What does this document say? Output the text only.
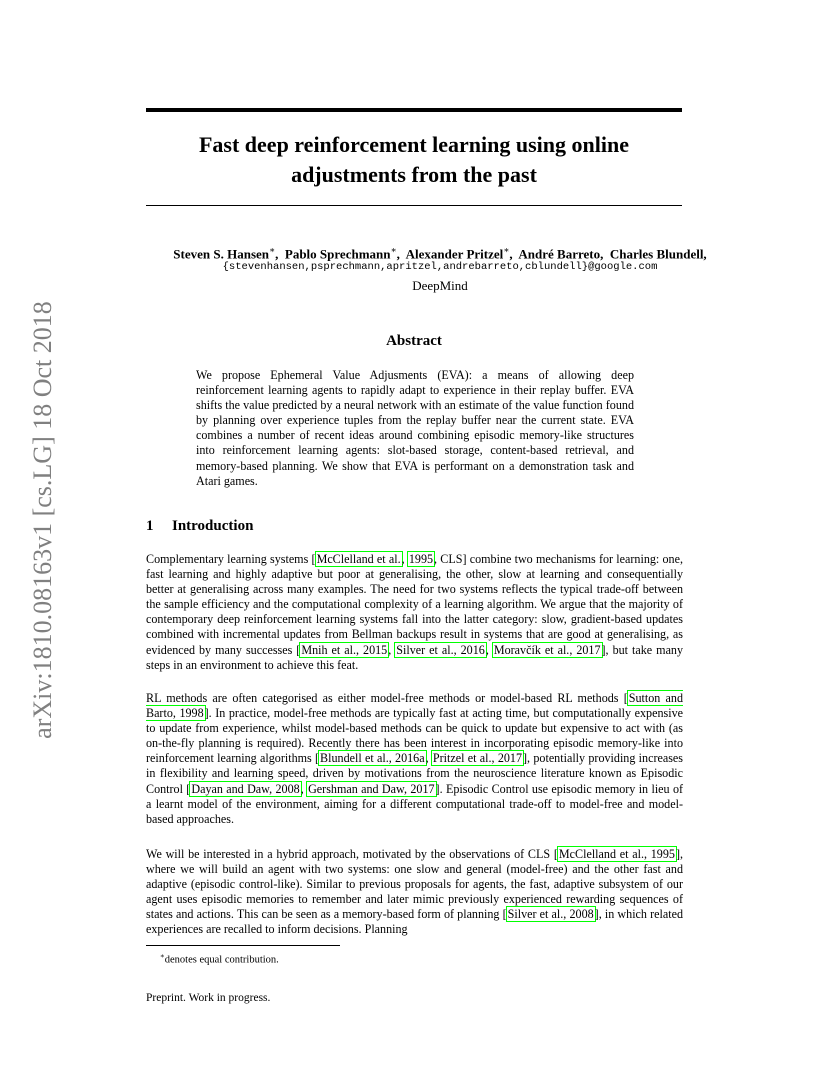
arXiv:1810.08163v1 [cs.LG] 18 Oct 2018
Fast deep reinforcement learning using online
adjustments from the past
Steven S. Hansen∗,  Pablo Sprechmann∗,  Alexander Pritzel∗,  André Barreto, Charles Blundell,
{stevenhansen,psprechmann,apritzel,andrebarreto,cblundell}@google.com
DeepMind
Abstract
We propose Ephemeral Value Adjusments (EVA): a means of allowing deep reinforcement learning agents to rapidly adapt to experience in their replay buffer. EVA shifts the value predicted by a neural network with an estimate of the value function found by planning over experience tuples from the replay buffer near the current state. EVA combines a number of recent ideas around combining episodic memory-like structures into reinforcement learning agents: slot-based storage, content-based retrieval, and memory-based planning. We show that EVA is performant on a demonstration task and Atari games.
1 Introduction
Complementary learning systems [McClelland et al., 1995, CLS] combine two mechanisms for learning: one, fast learning and highly adaptive but poor at generalising, the other, slow at learning and consequentially better at generalising across many examples. The need for two systems reflects the typical trade-off between the sample efficiency and the computational complexity of a learning algorithm. We argue that the majority of contemporary deep reinforcement learning systems fall into the latter category: slow, gradient-based updates combined with incremental updates from Bellman backups result in systems that are good at generalising, as evidenced by many successes [Mnih et al., 2015, Silver et al., 2016, Moravčík et al., 2017], but take many steps in an environment to achieve this feat.
RL methods are often categorised as either model-free methods or model-based RL methods [Sutton and Barto, 1998]. In practice, model-free methods are typically fast at acting time, but computationally expensive to update from experience, whilst model-based methods can be quick to update but expensive to act with (as on-the-fly planning is required). Recently there has been interest in incorporating episodic memory-like into reinforcement learning algorithms [Blundell et al., 2016a, Pritzel et al., 2017], potentially providing increases in flexibility and learning speed, driven by motivations from the neuroscience literature known as Episodic Control [Dayan and Daw, 2008, Gershman and Daw, 2017]. Episodic Control use episodic memory in lieu of a learnt model of the environment, aiming for a different computational trade-off to model-free and model-based approaches.
We will be interested in a hybrid approach, motivated by the observations of CLS [McClelland et al., 1995], where we will build an agent with two systems: one slow and general (model-free) and the other fast and adaptive (episodic control-like). Similar to previous proposals for agents, the fast, adaptive subsystem of our agent uses episodic memories to remember and later mimic previously experienced rewarding sequences of states and actions. This can be seen as a memory-based form of planning [Silver et al., 2008], in which related experiences are recalled to inform decisions. Planning
∗denotes equal contribution.
Preprint. Work in progress.
